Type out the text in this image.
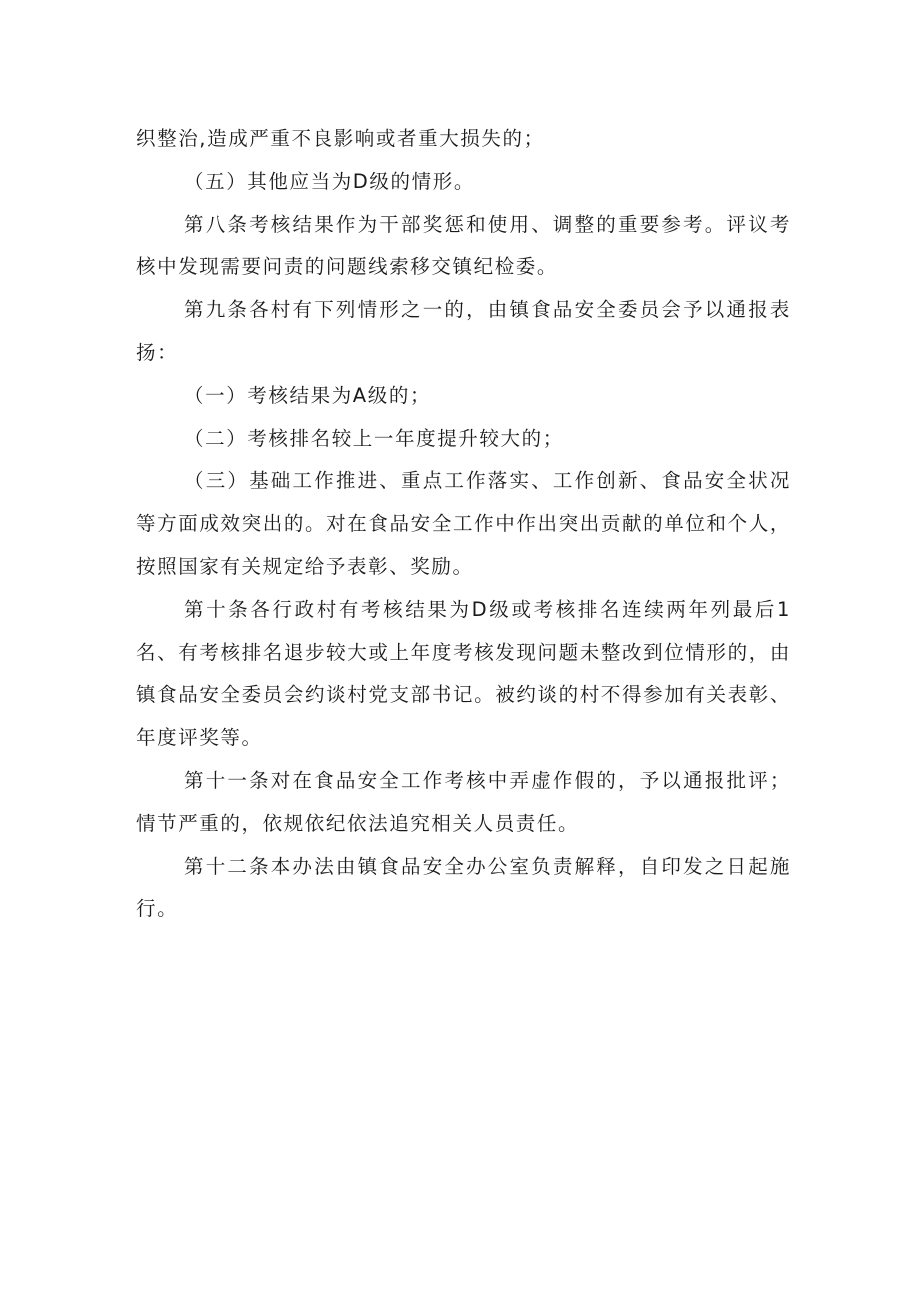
织整治,造成严重不良影响或者重大损失的；

（五）其他应当为D级的情形。

第八条考核结果作为干部奖惩和使用、调整的重要参考。评议考核中发现需要问责的问题线索移交镇纪检委。

第九条各村有下列情形之一的，由镇食品安全委员会予以通报表扬：

（一）考核结果为A级的；

（二）考核排名较上一年度提升较大的；

（三）基础工作推进、重点工作落实、工作创新、食品安全状况等方面成效突出的。对在食品安全工作中作出突出贡献的单位和个人，按照国家有关规定给予表彰、奖励。

第十条各行政村有考核结果为D级或考核排名连续两年列最后1名、有考核排名退步较大或上年度考核发现问题未整改到位情形的，由镇食品安全委员会约谈村党支部书记。被约谈的村不得参加有关表彰、年度评奖等。

第十一条对在食品安全工作考核中弄虚作假的，予以通报批评；情节严重的，依规依纪依法追究相关人员责任。

第十二条本办法由镇食品安全办公室负责解释，自印发之日起施行。
